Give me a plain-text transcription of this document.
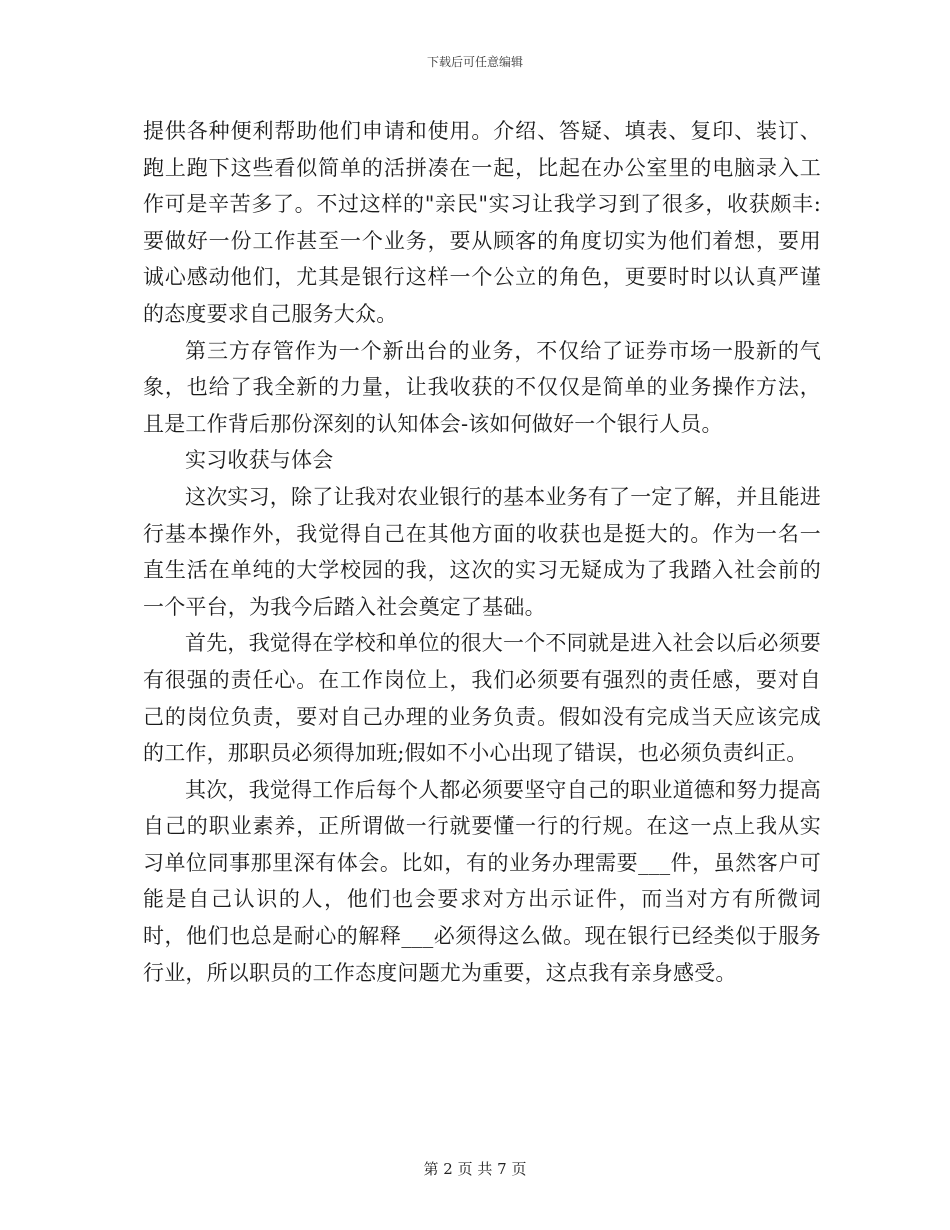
下载后可任意编辑

提供各种便利帮助他们申请和使用。介绍、答疑、填表、复印、装订、跑上跑下这些看似简单的活拼凑在一起，比起在办公室里的电脑录入工作可是辛苦多了。不过这样的"亲民"实习让我学习到了很多，收获颇丰:要做好一份工作甚至一个业务，要从顾客的角度切实为他们着想，要用诚心感动他们，尤其是银行这样一个公立的角色，更要时时以认真严谨的态度要求自己服务大众。

第三方存管作为一个新出台的业务，不仅给了证券市场一股新的气象，也给了我全新的力量，让我收获的不仅仅是简单的业务操作方法，且是工作背后那份深刻的认知体会-该如何做好一个银行人员。

实习收获与体会

这次实习，除了让我对农业银行的基本业务有了一定了解，并且能进行基本操作外，我觉得自己在其他方面的收获也是挺大的。作为一名一直生活在单纯的大学校园的我，这次的实习无疑成为了我踏入社会前的一个平台，为我今后踏入社会奠定了基础。

首先，我觉得在学校和单位的很大一个不同就是进入社会以后必须要有很强的责任心。在工作岗位上，我们必须要有强烈的责任感，要对自己的岗位负责，要对自己办理的业务负责。假如没有完成当天应该完成的工作，那职员必须得加班;假如不小心出现了错误，也必须负责纠正。

其次，我觉得工作后每个人都必须要坚守自己的职业道德和努力提高自己的职业素养，正所谓做一行就要懂一行的行规。在这一点上我从实习单位同事那里深有体会。比如，有的业务办理需要___件，虽然客户可能是自己认识的人，他们也会要求对方出示证件，而当对方有所微词时，他们也总是耐心的解释___必须得这么做。现在银行已经类似于服务行业，所以职员的工作态度问题尤为重要，这点我有亲身感受。

第 2 页 共 7 页
